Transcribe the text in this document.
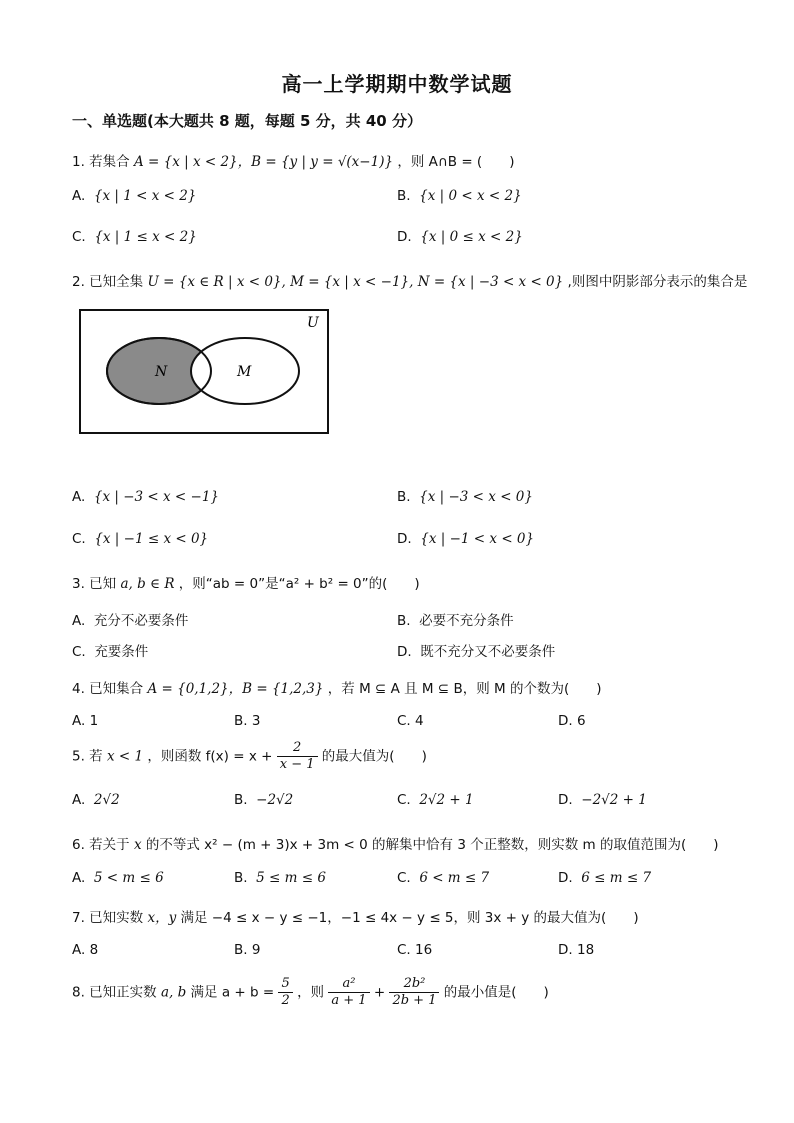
高一上学期期中数学试题
一、单选题(本大题共 8 题，每题 5 分，共 40 分）
1. 若集合 A = {x | x < 2}，B = {y | y = √(x−1)} ，则 A∩B = (　　)
A. {x | 1 < x < 2}	B. {x | 0 < x < 2}
C. {x | 1 ≤ x < 2}	D. {x | 0 ≤ x < 2}
2. 已知全集 U = {x ∈ R | x < 0}, M = {x | x < −1}, N = {x | −3 < x < 0} ,则图中阴影部分表示的集合是
U
N	M
A. {x | −3 < x < −1}	B. {x | −3 < x < 0}
C. {x | −1 ≤ x < 0}	D. {x | −1 < x < 0}
3. 已知 a, b ∈ R ，则“ab = 0”是“a² + b² = 0”的(　　)
A. 充分不必要条件	B. 必要不充分条件
C. 充要条件	D. 既不充分又不必要条件
4. 已知集合 A = {0,1,2}，B = {1,2,3} ，若 M ⊆ A 且 M ⊆ B，则 M 的个数为(　　)
A. 1	B. 3	C. 4	D. 6
5. 若 x < 1 ，则函数 $f(x) = x + \frac{2}{x - 1}$ 的最大值为(　　)
A. 2√2	B. −2√2	C. 2√2 + 1	D. −2√2 + 1
6. 若关于 x 的不等式 x² − (m + 3)x + 3m < 0 的解集中恰有 3 个正整数，则实数 m 的取值范围为(　　)
A. 5 < m ≤ 6	B. 5 ≤ m ≤ 6	C. 6 < m ≤ 7	D. 6 ≤ m ≤ 7
7. 已知实数 x，y 满足 −4 ≤ x − y ≤ −1，−1 ≤ 4x − y ≤ 5，则 3x + y 的最大值为(　　)
A. 8	B. 9	C. 16	D. 18
8. 已知正实数 a, b 满足 $a + b = \frac{5}{2}$ ，则 $\frac{\text{a²}}{a + 1} + \frac{\text{2b²}}{2b + 1}$ 的最小值是(　　)
